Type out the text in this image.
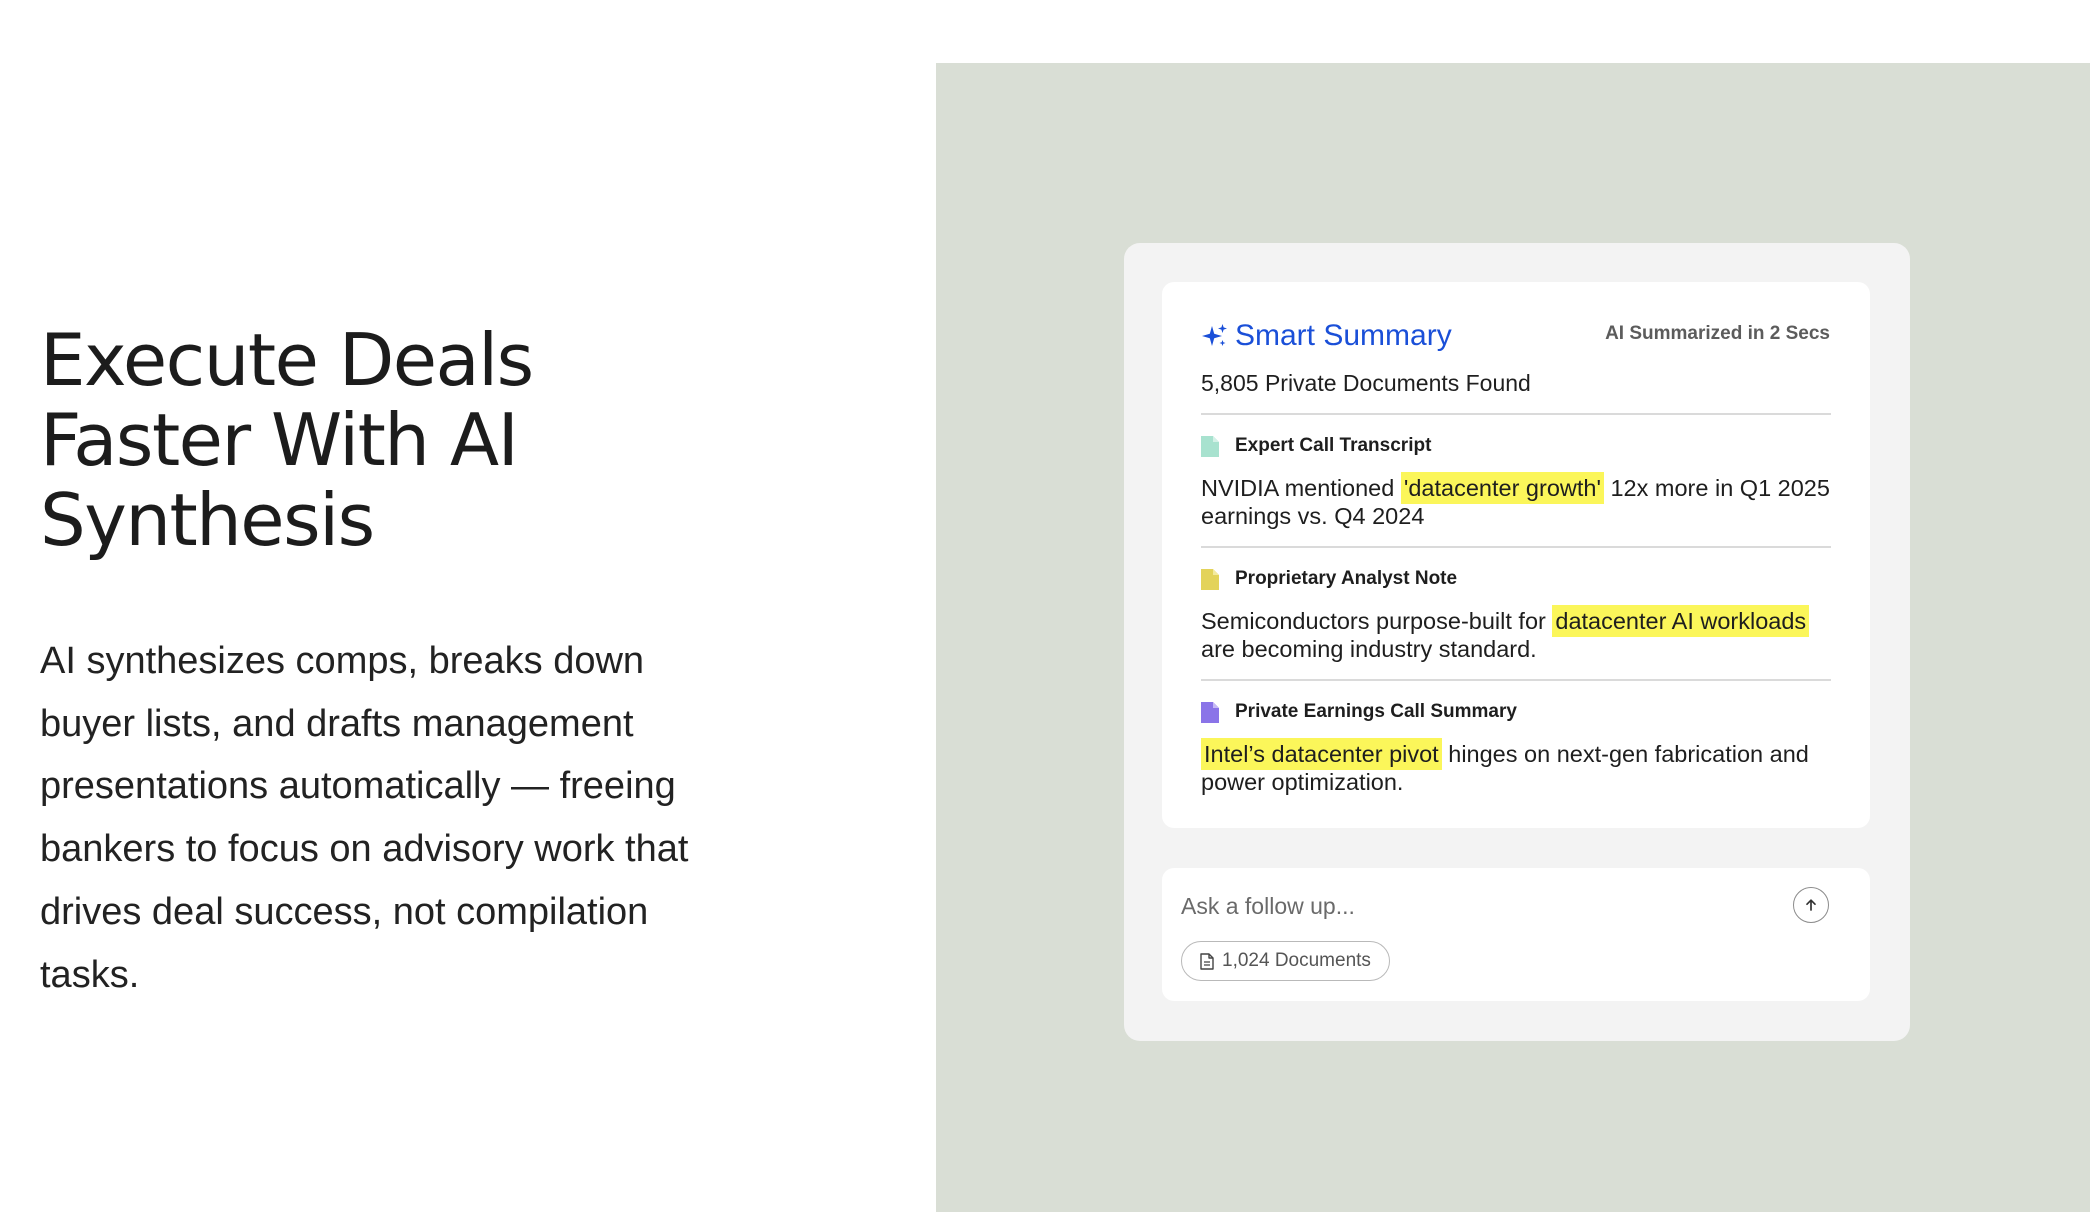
Execute Deals
Faster With AI
Synthesis

AI synthesizes comps, breaks down
buyer lists, and drafts management
presentations automatically — freeing
bankers to focus on advisory work that
drives deal success, not compilation
tasks.

Smart Summary	AI Summarized in 2 Secs
5,805 Private Documents Found
Expert Call Transcript
NVIDIA mentioned 'datacenter growth' 12x more in Q1 2025
earnings vs. Q4 2024
Proprietary Analyst Note
Semiconductors purpose-built for datacenter AI workloads
are becoming industry standard.
Private Earnings Call Summary
Intel’s datacenter pivot hinges on next-gen fabrication and
power optimization.
Ask a follow up...
1,024 Documents
